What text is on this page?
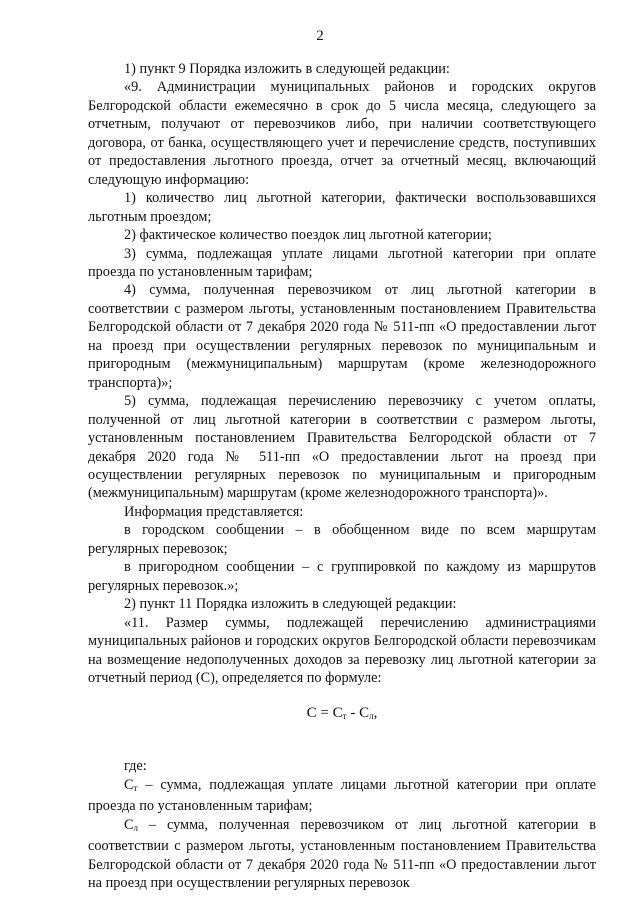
2

1) пункт 9 Порядка изложить в следующей редакции:

«9. Администрации муниципальных районов и городских округов Белгородской области ежемесячно в срок до 5 числа месяца, следующего за отчетным, получают от перевозчиков либо, при наличии соответствующего договора, от банка, осуществляющего учет и перечисление средств, поступивших от предоставления льготного проезда, отчет за отчетный месяц, включающий следующую информацию:

1) количество лиц льготной категории, фактически воспользовавшихся льготным проездом;

2) фактическое количество поездок лиц льготной категории;

3) сумма, подлежащая уплате лицами льготной категории при оплате проезда по установленным тарифам;

4) сумма, полученная перевозчиком от лиц льготной категории в соответствии с размером льготы, установленным постановлением Правительства Белгородской области от 7 декабря 2020 года № 511-пп «О предоставлении льгот на проезд при осуществлении регулярных перевозок по муниципальным и пригородным (межмуниципальным) маршрутам (кроме железнодорожного транспорта)»;

5) сумма, подлежащая перечислению перевозчику с учетом оплаты, полученной от лиц льготной категории в соответствии с размером льготы, установленным постановлением Правительства Белгородской области от 7 декабря 2020 года № 511-пп «О предоставлении льгот на проезд при осуществлении регулярных перевозок по муниципальным и пригородным (межмуниципальным) маршрутам (кроме железнодорожного транспорта)».

Информация представляется:

в городском сообщении – в обобщенном виде по всем маршрутам регулярных перевозок;

в пригородном сообщении – с группировкой по каждому из маршрутов регулярных перевозок.»;

2) пункт 11 Порядка изложить в следующей редакции:

«11. Размер суммы, подлежащей перечислению администрациями муниципальных районов и городских округов Белгородской области перевозчикам на возмещение недополученных доходов за перевозку лиц льготной категории за отчетный период (С), определяется по формуле:

$С = С_т - С_л$,

где:

$С_т$ – сумма, подлежащая уплате лицами льготной категории при оплате проезда по установленным тарифам;

$С_л$ – сумма, полученная перевозчиком от лиц льготной категории в соответствии с размером льготы, установленным постановлением Правительства Белгородской области от 7 декабря 2020 года № 511-пп «О предоставлении льгот на проезд при осуществлении регулярных перевозок
